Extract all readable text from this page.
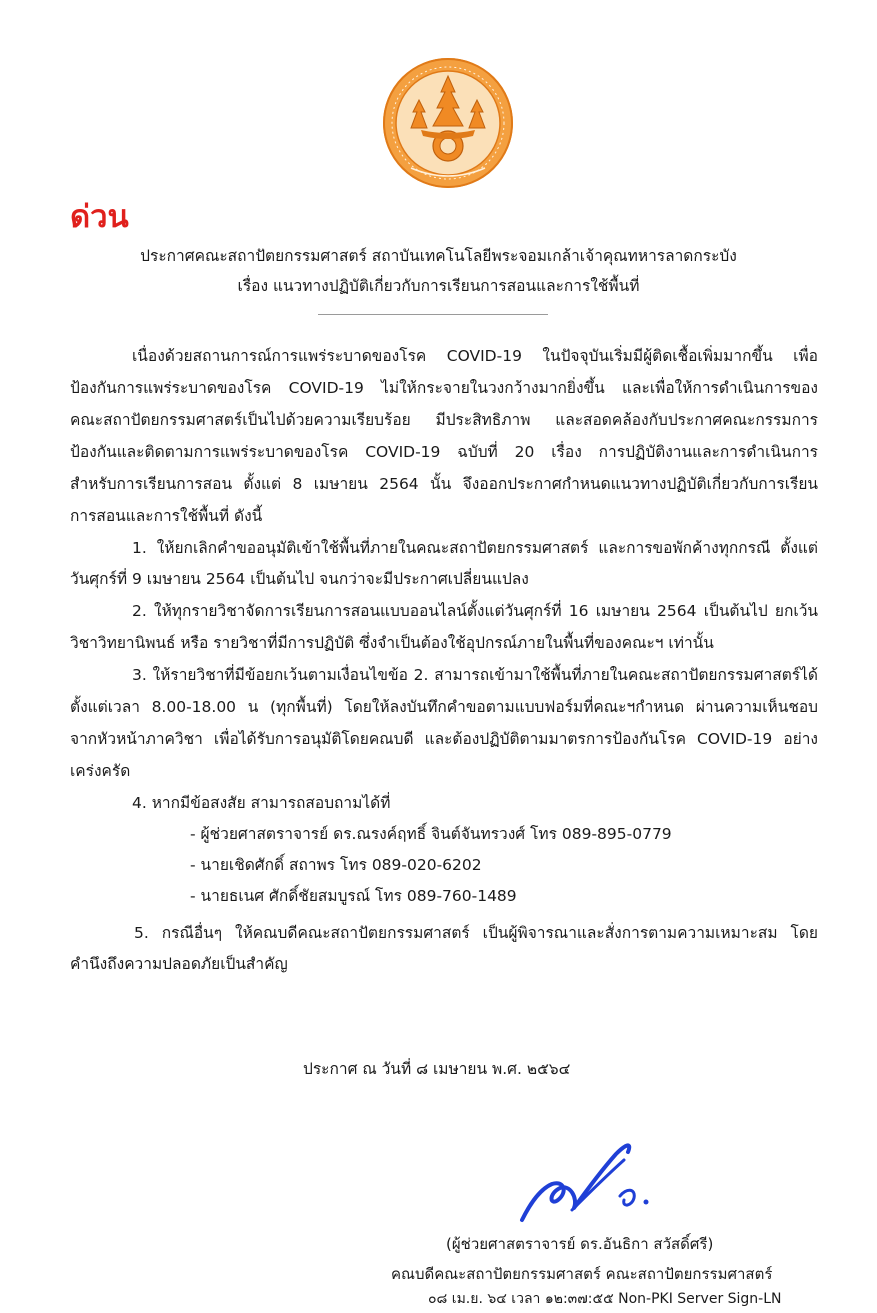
ด่วน
ประกาศคณะสถาปัตยกรรมศาสตร์ สถาบันเทคโนโลยีพระจอมเกล้าเจ้าคุณทหารลาดกระบัง
เรื่อง แนวทางปฏิบัติเกี่ยวกับการเรียนการสอนและการใช้พื้นที่
เนื่องด้วยสถานการณ์การแพร่ระบาดของโรค COVID-19 ในปัจจุบันเริ่มมีผู้ติดเชื้อเพิ่มมากขึ้น เพื่อ
ป้องกันการแพร่ระบาดของโรค COVID-19 ไม่ให้กระจายในวงกว้างมากยิ่งขึ้น และเพื่อให้การดำเนินการของ
คณะสถาปัตยกรรมศาสตร์เป็นไปด้วยความเรียบร้อย มีประสิทธิภาพ และสอดคล้องกับประกาศคณะกรรมการ
ป้องกันและติดตามการแพร่ระบาดของโรค COVID-19 ฉบับที่ 20 เรื่อง การปฏิบัติงานและการดำเนินการ
สำหรับการเรียนการสอน ตั้งแต่ 8 เมษายน 2564 นั้น จึงออกประกาศกำหนดแนวทางปฏิบัติเกี่ยวกับการเรียน
การสอนและการใช้พื้นที่ ดังนี้
1. ให้ยกเลิกคำขออนุมัติเข้าใช้พื้นที่ภายในคณะสถาปัตยกรรมศาสตร์ และการขอพักค้างทุกกรณี ตั้งแต่
วันศุกร์ที่ 9 เมษายน 2564 เป็นต้นไป จนกว่าจะมีประกาศเปลี่ยนแปลง
2. ให้ทุกรายวิชาจัดการเรียนการสอนแบบออนไลน์ตั้งแต่วันศุกร์ที่ 16 เมษายน 2564 เป็นต้นไป ยกเว้น
วิชาวิทยานิพนธ์ หรือ รายวิชาที่มีการปฏิบัติ ซึ่งจำเป็นต้องใช้อุปกรณ์ภายในพื้นที่ของคณะฯ เท่านั้น
3. ให้รายวิชาที่มีข้อยกเว้นตามเงื่อนไขข้อ 2. สามารถเข้ามาใช้พื้นที่ภายในคณะสถาปัตยกรรมศาสตร์ได้
ตั้งแต่เวลา 8.00-18.00 น (ทุกพื้นที่) โดยให้ลงบันทึกคำขอตามแบบฟอร์มที่คณะฯกำหนด ผ่านความเห็นชอบ
จากหัวหน้าภาควิชา เพื่อได้รับการอนุมัติโดยคณบดี และต้องปฏิบัติตามมาตรการป้องกันโรค COVID-19 อย่าง
เคร่งครัด
4. หากมีข้อสงสัย สามารถสอบถามได้ที่
- ผู้ช่วยศาสตราจารย์ ดร.ณรงค์ฤทธิ์ จินต์จันทรวงศ์ โทร 089-895-0779
- นายเชิดศักดิ์ สถาพร โทร 089-020-6202
- นายธเนศ ศักดิ์ชัยสมบูรณ์ โทร 089-760-1489
5. กรณีอื่นๆ ให้คณบดีคณะสถาปัตยกรรมศาสตร์ เป็นผู้พิจารณาและสั่งการตามความเหมาะสม โดย
คำนึงถึงความปลอดภัยเป็นสำคัญ
ประกาศ ณ วันที่ ๘ เมษายน พ.ศ. ๒๕๖๔
(ผู้ช่วยศาสตราจารย์ ดร.อันธิกา สวัสดิ์ศรี)
คณบดีคณะสถาปัตยกรรมศาสตร์ คณะสถาปัตยกรรมศาสตร์
๐๘ เม.ย. ๖๔ เวลา ๑๒:๓๗:๕๕ Non-PKI Server Sign-LN
